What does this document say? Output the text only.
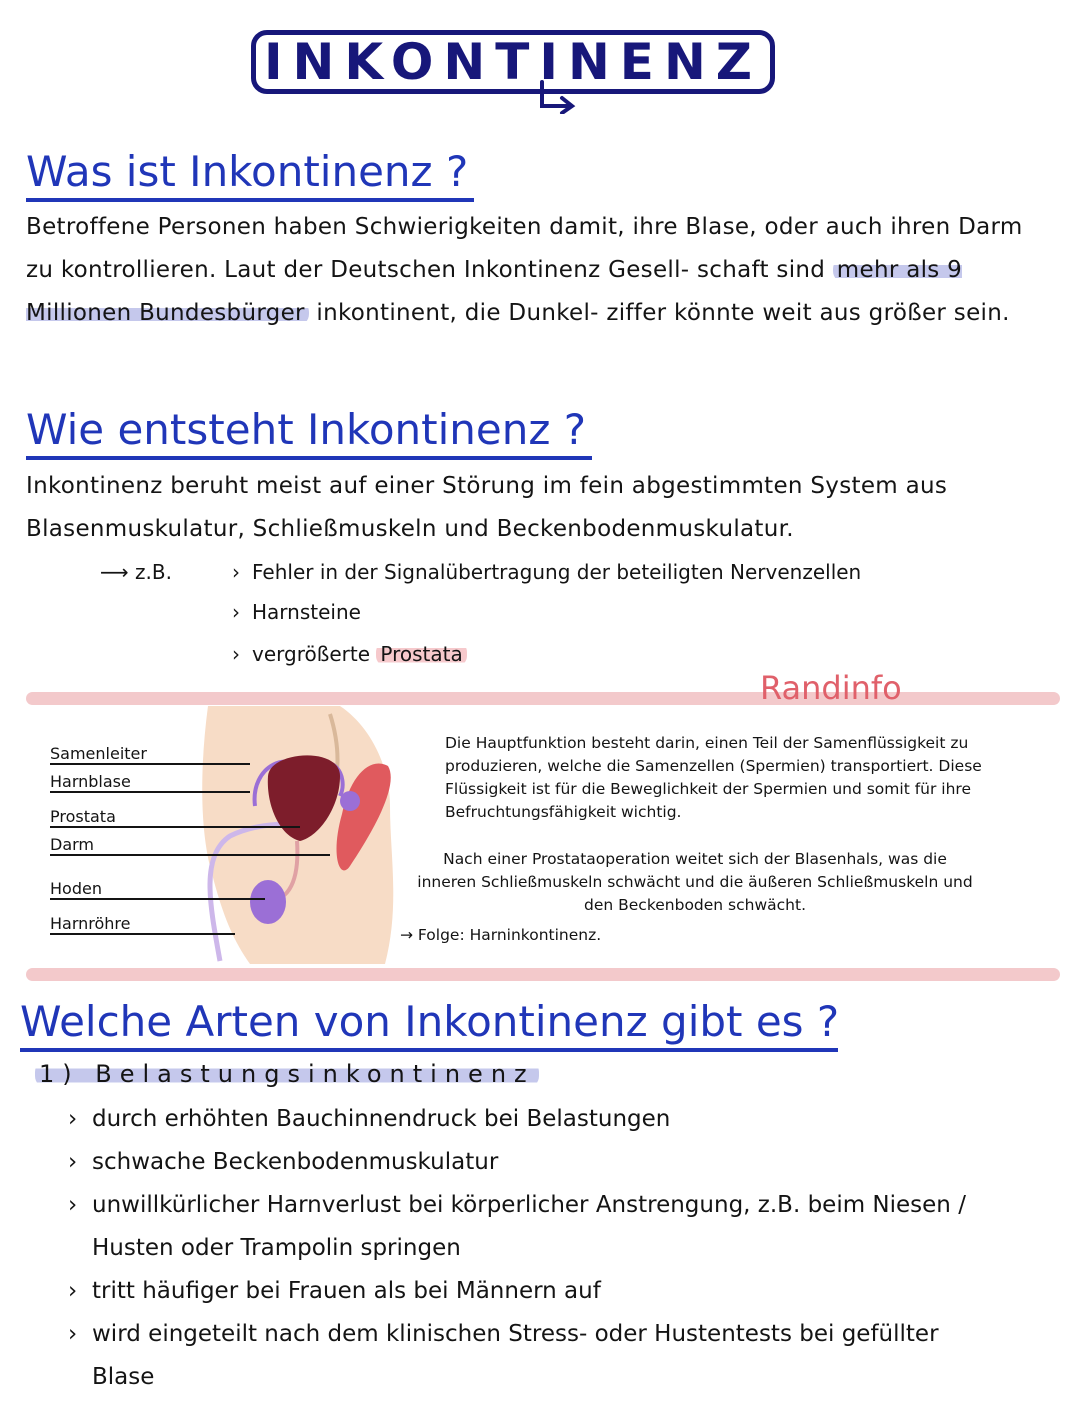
INKONTINENZ
Was ist Inkontinenz ?

Betroffene Personen haben Schwierigkeiten damit, ihre Blase, oder auch ihren Darm zu kontrollieren. Laut der Deutschen Inkontinenz Gesell- schaft sind mehr als 9 Millionen Bundesbürger inkontinent, die Dunkel- ziffer könnte weit aus größer sein.

Wie entsteht Inkontinenz ?

Inkontinenz beruht meist auf einer Störung im fein abgestimmten System aus Blasenmuskulatur, Schließmuskeln und Beckenbodenmuskulatur.

⟶ z.B.	› Fehler in der Signalübertragung der beteiligten Nervenzellen
› Harnsteine
› vergrößerte Prostata
Randinfo
Samenleiter
Harnblase
Prostata
Darm
Hoden
Harnröhre

Die Hauptfunktion besteht darin, einen Teil der Samenflüssigkeit zu produzieren, welche die Samenzellen (Spermien) transportiert. Diese Flüssigkeit ist für die Beweglichkeit der Spermien und somit für ihre Befruchtungsfähigkeit wichtig.

Nach einer Prostataoperation weitet sich der Blasenhals, was die inneren Schließmuskeln schwächt und die äußeren Schließmuskeln und den Beckenboden schwächt.

→ Folge: Harninkontinenz.
Welche Arten von Inkontinenz gibt es ?
1) Belastungsinkontinenz

› durch erhöhten Bauchinnendruck bei Belastungen

› schwache Beckenbodenmuskulatur

› unwillkürlicher Harnverlust bei körperlicher Anstrengung, z.B. beim Niesen / Husten oder Trampolin springen

› tritt häufiger bei Frauen als bei Männern auf

› wird eingeteilt nach dem klinischen Stress- oder Hustentests bei gefüllter Blase
